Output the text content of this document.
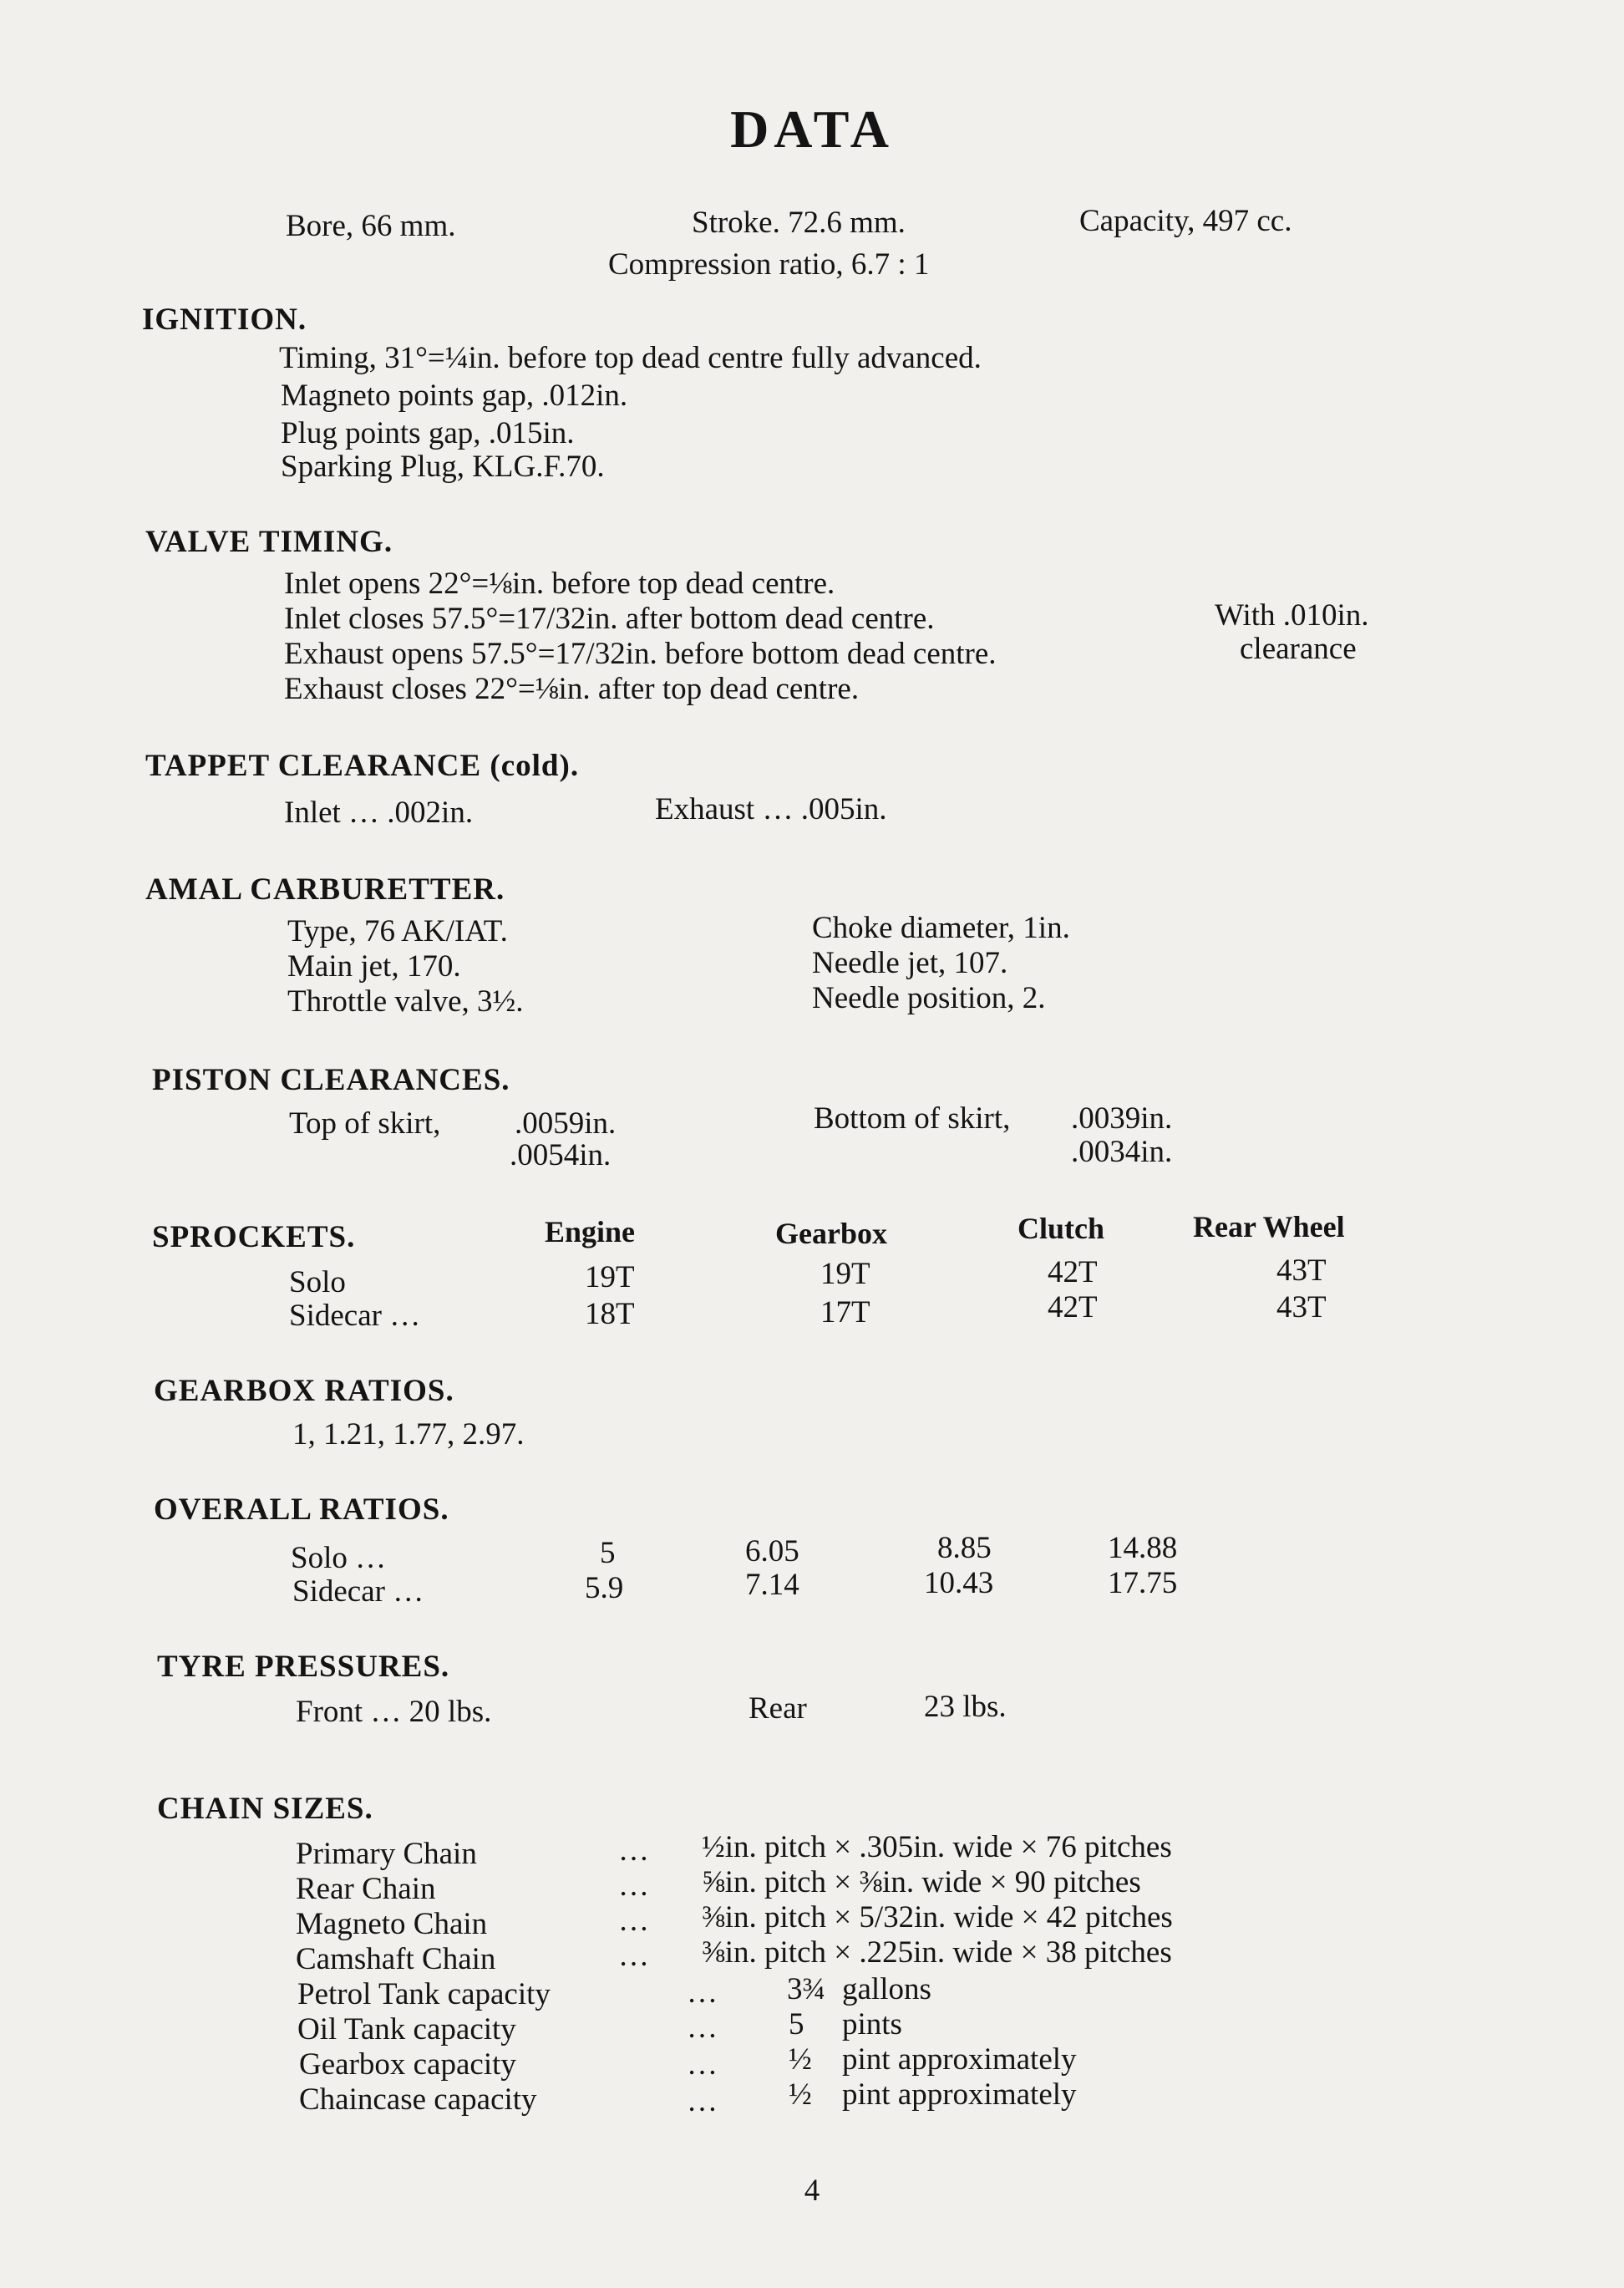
DATA
Bore, 66 mm.	Stroke. 72.6 mm.	Capacity, 497 cc.
Compression ratio, 6.7 : 1
IGNITION.
Timing, 31°=¼in. before top dead centre fully advanced.
Magneto points gap, .012in.
Plug points gap, .015in.
Sparking Plug, KLG.F.70.
VALVE TIMING.
Inlet opens 22°=⅛in. before top dead centre.
Inlet closes 57.5°=17/32in. after bottom dead centre.
Exhaust opens 57.5°=17/32in. before bottom dead centre.
Exhaust closes 22°=⅛in. after top dead centre.
With .010in.
clearance
TAPPET CLEARANCE (cold).
Inlet … .002in.	Exhaust … .005in.
AMAL CARBURETTER.
Type, 76 AK/IAT.
Main jet, 170.
Throttle valve, 3½.
Choke diameter, 1in.
Needle jet, 107.
Needle position, 2.
PISTON CLEARANCES.
Top of skirt, .0059in.
.0054in.
Bottom of skirt, .0039in.
.0034in.
SPROCKETS.	Engine	Gearbox	Clutch	Rear Wheel
Solo	19T	19T	42T	43T
Sidecar …	18T	17T	42T	43T
GEARBOX RATIOS.
1, 1.21, 1.77, 2.97.
OVERALL RATIOS.
Solo …	5	6.05	8.85	14.88
Sidecar …	5.9	7.14	10.43	17.75
TYRE PRESSURES.
Front … 20 lbs.	Rear	23 lbs.
CHAIN SIZES.
Primary Chain	… ½in. pitch × .305in. wide × 76 pitches
Rear Chain	… ⅝in. pitch × ⅜in. wide × 90 pitches
Magneto Chain	… ⅜in. pitch × 5/32in. wide × 42 pitches
Camshaft Chain	… ⅜in. pitch × .225in. wide × 38 pitches
Petrol Tank capacity	… 3¾ gallons
Oil Tank capacity	… 5 pints
Gearbox capacity	… ½ pint approximately
Chaincase capacity	… ½ pint approximately
4
